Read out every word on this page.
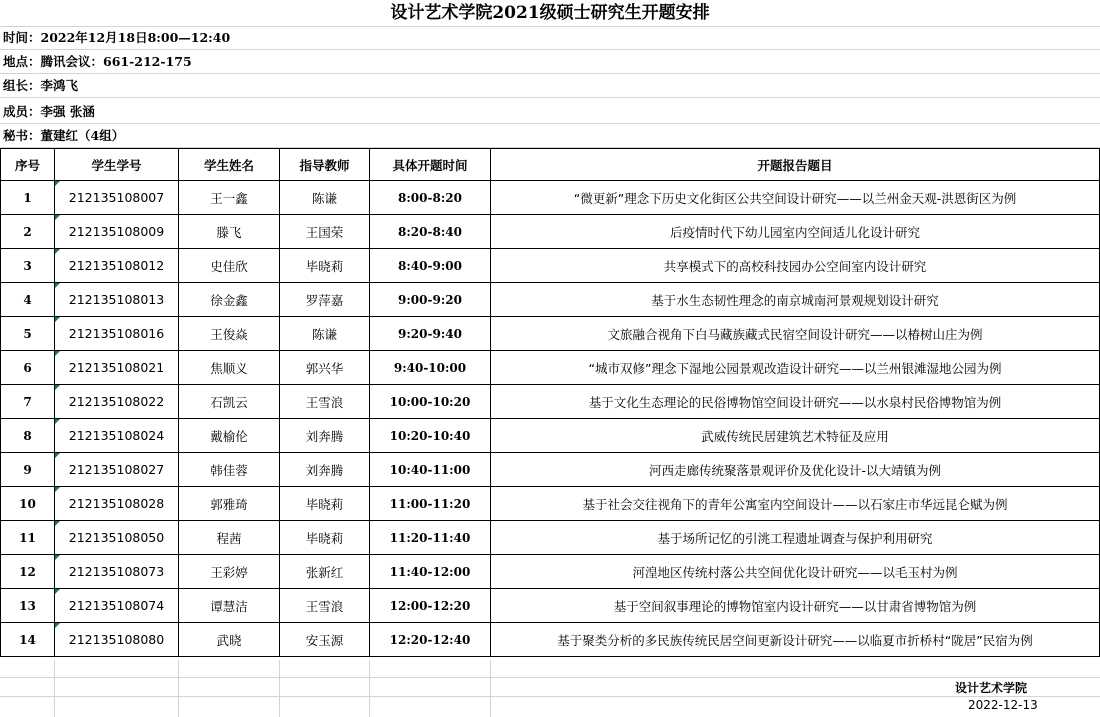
设计艺术学院2021级硕士研究生开题安排
时间：2022年12月18日8:00—12:40
地点：腾讯会议：661-212-175
组长：李鸿飞
成员：李强 张涵
秘书：董建红（4组）
序号	学生学号	学生姓名	指导教师	具体开题时间	开题报告题目
1	212135108007	王一鑫	陈谦	8:00-8:20	“微更新”理念下历史文化街区公共空间设计研究——以兰州金天观-洪恩街区为例
2	212135108009	滕飞	王国荣	8:20-8:40	后疫情时代下幼儿园室内空间适儿化设计研究
3	212135108012	史佳欣	毕晓莉	8:40-9:00	共享模式下的高校科技园办公空间室内设计研究
4	212135108013	徐金鑫	罗萍嘉	9:00-9:20	基于水生态韧性理念的南京城南河景观规划设计研究
5	212135108016	王俊焱	陈谦	9:20-9:40	文旅融合视角下白马藏族藏式民宿空间设计研究——以椿树山庄为例
6	212135108021	焦顺义	郭兴华	9:40-10:00	“城市双修”理念下湿地公园景观改造设计研究——以兰州银滩湿地公园为例
7	212135108022	石凯云	王雪浪	10:00-10:20	基于文化生态理论的民俗博物馆空间设计研究——以水泉村民俗博物馆为例
8	212135108024	戴榆伦	刘奔腾	10:20-10:40	武威传统民居建筑艺术特征及应用
9	212135108027	韩佳蓉	刘奔腾	10:40-11:00	河西走廊传统聚落景观评价及优化设计-以大靖镇为例
10	212135108028	郭雅琦	毕晓莉	11:00-11:20	基于社会交往视角下的青年公寓室内空间设计——以石家庄市华远昆仑赋为例
11	212135108050	程茜	毕晓莉	11:20-11:40	基于场所记忆的引洮工程遗址调查与保护利用研究
12	212135108073	王彩婷	张新红	11:40-12:00	河湟地区传统村落公共空间优化设计研究——以毛玉村为例
13	212135108074	谭慧洁	王雪浪	12:00-12:20	基于空间叙事理论的博物馆室内设计研究——以甘肃省博物馆为例
14	212135108080	武晓	安玉源	12:20-12:40	基于聚类分析的多民族传统民居空间更新设计研究——以临夏市折桥村“陇居”民宿为例
设计艺术学院
2022-12-13
